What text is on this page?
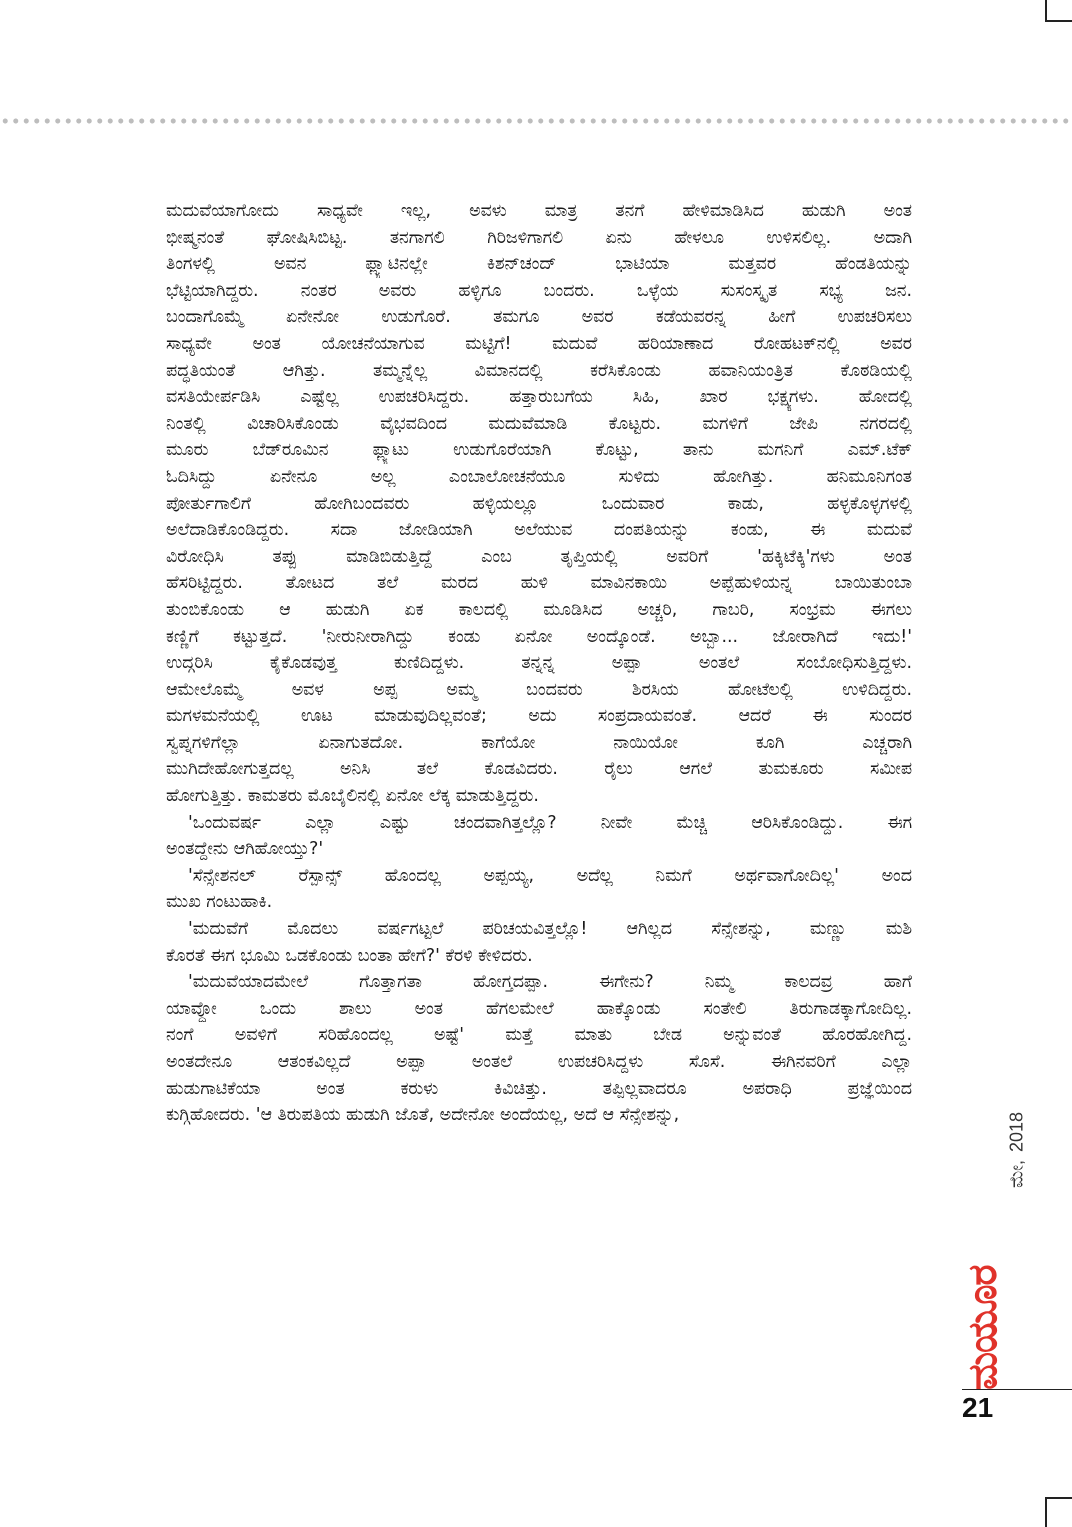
ಮದುವೆಯಾಗೋದು ಸಾಧ್ಯವೇ ಇಲ್ಲ, ಅವಳು ಮಾತ್ರ ತನಗೆ ಹೇಳಿಮಾಡಿಸಿದ ಹುಡುಗಿ ಅಂತ
ಭೀಷ್ಮನಂತೆ ಘೋಷಿಸಿಬಿಟ್ಟ. ತನಗಾಗಲಿ ಗಿರಿಜಳಿಗಾಗಲಿ ಏನು ಹೇಳಲೂ ಉಳಿಸಲಿಲ್ಲ. ಅದಾಗಿ
ತಿಂಗಳಲ್ಲಿ ಅವನ ಫ್ಲ್ಯಾಟಿನಲ್ಲೇ ಕಿಶನ್‌ಚಂದ್ ಭಾಟಿಯಾ ಮತ್ತವರ ಹೆಂಡತಿಯನ್ನು
ಭೆಟ್ಟಿಯಾಗಿದ್ದರು. ನಂತರ ಅವರು ಹಳ್ಳಿಗೂ ಬಂದರು. ಒಳ್ಳೆಯ ಸುಸಂಸ್ಕೃತ ಸಭ್ಯ ಜನ.
ಬಂದಾಗೊಮ್ಮೆ ಏನೇನೋ ಉಡುಗೊರೆ. ತಮಗೂ ಅವರ ಕಡೆಯವರನ್ನ ಹೀಗೆ ಉಪಚರಿಸಲು
ಸಾಧ್ಯವೇ ಅಂತ ಯೋಚನೆಯಾಗುವ ಮಟ್ಟಿಗೆ! ಮದುವೆ ಹರಿಯಾಣಾದ ರೋಹಟಕ್‌ನಲ್ಲಿ ಅವರ
ಪದ್ಧತಿಯಂತೆ ಆಗಿತ್ತು. ತಮ್ಮನ್ನೆಲ್ಲ ವಿಮಾನದಲ್ಲಿ ಕರೆಸಿಕೊಂಡು ಹವಾನಿಯಂತ್ರಿತ ಕೊಠಡಿಯಲ್ಲಿ
ವಸತಿಯೇರ್ಪಡಿಸಿ ಎಷ್ಟೆಲ್ಲ ಉಪಚರಿಸಿದ್ದರು. ಹತ್ತಾರುಬಗೆಯ ಸಿಹಿ, ಖಾರ ಭಕ್ಷ್ಯಗಳು. ಹೋದಲ್ಲಿ
ನಿಂತಲ್ಲಿ ವಿಚಾರಿಸಿಕೊಂಡು ವೈಭವದಿಂದ ಮದುವೆಮಾಡಿ ಕೊಟ್ಟರು. ಮಗಳಿಗೆ ಜೇಪಿ ನಗರದಲ್ಲಿ
ಮೂರು ಬೆಡ್‌ರೂಮಿನ ಫ್ಲ್ಯಾಟು ಉಡುಗೊರೆಯಾಗಿ ಕೊಟ್ಟು, ತಾನು ಮಗನಿಗೆ ಎಮ್.ಟೆಕ್
ಓದಿಸಿದ್ದು ಏನೇನೂ ಅಲ್ಲ ಎಂಬಾಲೋಚನೆಯೂ ಸುಳಿದು ಹೋಗಿತ್ತು. ಹನಿಮೂನಿಗಂತ
ಪೋರ್ತುಗಾಲಿಗೆ ಹೋಗಿಬಂದವರು ಹಳ್ಳಿಯಲ್ಲೂ ಒಂದುವಾರ ಕಾಡು, ಹಳ್ಳಕೊಳ್ಳಗಳಲ್ಲಿ
ಅಲೆದಾಡಿಕೊಂಡಿದ್ದರು. ಸದಾ ಜೋಡಿಯಾಗಿ ಅಲೆಯುವ ದಂಪತಿಯನ್ನು ಕಂಡು, ಈ ಮದುವೆ
ವಿರೋಧಿಸಿ ತಪ್ಪು ಮಾಡಿಬಿಡುತ್ತಿದ್ದೆ ಎಂಬ ತೃಪ್ತಿಯಲ್ಲಿ ಅವರಿಗೆ 'ಹಕ್ಕಿಟೆಕ್ಕಿ'ಗಳು ಅಂತ
ಹೆಸರಿಟ್ಟಿದ್ದರು. ತೋಟದ ತಲೆ ಮರದ ಹುಳಿ ಮಾವಿನಕಾಯಿ ಅಪ್ಪೆಹುಳಿಯನ್ನ ಬಾಯಿತುಂಬಾ
ತುಂಬಿಕೊಂಡು ಆ ಹುಡುಗಿ ಏಕ ಕಾಲದಲ್ಲಿ ಮೂಡಿಸಿದ ಅಚ್ಚರಿ, ಗಾಬರಿ, ಸಂಭ್ರಮ ಈಗಲು
ಕಣ್ಣಿಗೆ ಕಟ್ಟುತ್ತದೆ. 'ನೀರುನೀರಾಗಿದ್ದು ಕಂಡು ಏನೋ ಅಂದ್ಕೊಂಡೆ. ಅಬ್ಬಾ... ಜೋರಾಗಿದೆ ಇದು!'
ಉದ್ಗರಿಸಿ ಕೈಕೊಡವುತ್ತ ಕುಣಿದಿದ್ದಳು. ತನ್ನನ್ನ ಅಪ್ಪಾ ಅಂತಲೆ ಸಂಬೋಧಿಸುತ್ತಿದ್ದಳು.
ಆಮೇಲೊಮ್ಮೆ ಅವಳ ಅಪ್ಪ ಅಮ್ಮ ಬಂದವರು ಶಿರಸಿಯ ಹೋಟೆಲಲ್ಲಿ ಉಳಿದಿದ್ದರು.
ಮಗಳಮನೆಯಲ್ಲಿ ಊಟ ಮಾಡುವುದಿಲ್ಲವಂತೆ; ಅದು ಸಂಪ್ರದಾಯವಂತೆ. ಆದರೆ ಈ ಸುಂದರ
ಸ್ವಪ್ನಗಳಿಗೆಲ್ಲಾ ಏನಾಗುತದೋ. ಕಾಗೆಯೋ ನಾಯಿಯೋ ಕೂಗಿ ಎಚ್ಚರಾಗಿ
ಮುಗಿದೇಹೋಗುತ್ತದಲ್ಲ ಅನಿಸಿ ತಲೆ ಕೊಡವಿದರು. ರೈಲು ಆಗಲೆ ತುಮಕೂರು ಸಮೀಪ
ಹೋಗುತ್ತಿತ್ತು. ಕಾಮತರು ಮೊಬೈಲಿನಲ್ಲಿ ಏನೋ ಲೆಕ್ಕ ಮಾಡುತ್ತಿದ್ದರು.
'ಒಂದುವರ್ಷ ಎಲ್ಲಾ ಎಷ್ಟು ಚಂದವಾಗಿತ್ತಲ್ಲೊ? ನೀವೇ ಮೆಚ್ಚಿ ಆರಿಸಿಕೊಂಡಿದ್ದು. ಈಗ
ಅಂತದ್ದೇನು ಆಗಿಹೋಯ್ತು?'
'ಸೆನ್ಸೇಶನಲ್ ರೆಸ್ಪಾನ್ಸ್ ಹೊಂದಲ್ಲ ಅಪ್ಪಯ್ಯ, ಅದೆಲ್ಲ ನಿಮಗೆ ಅರ್ಥವಾಗೋದಿಲ್ಲ' ಅಂದ
ಮುಖ ಗಂಟುಹಾಕಿ.
'ಮದುವೆಗೆ ಮೊದಲು ವರ್ಷಗಟ್ಟಲೆ ಪರಿಚಯವಿತ್ತಲ್ಲೊ! ಆಗಿಲ್ಲದ ಸೆನ್ಸೇಶನ್ನು, ಮಣ್ಣು ಮಶಿ
ಕೊರತೆ ಈಗ ಭೂಮಿ ಒಡಕೊಂಡು ಬಂತಾ ಹೇಗೆ?' ಕೆರಳಿ ಕೇಳಿದರು.
'ಮದುವೆಯಾದಮೇಲೆ ಗೊತ್ತಾಗತಾ ಹೋಗ್ತದಪ್ಪಾ. ಈಗೇನು? ನಿಮ್ಮ ಕಾಲದವ್ರ ಹಾಗೆ
ಯಾವ್ದೋ ಒಂದು ಶಾಲು ಅಂತ ಹೆಗಲಮೇಲೆ ಹಾಕ್ಕೊಂಡು ಸಂತೇಲಿ ತಿರುಗಾಡಕ್ಕಾಗೋದಿಲ್ಲ.
ನಂಗೆ ಅವಳಿಗೆ ಸರಿಹೊಂದಲ್ಲ ಅಷ್ಟೆ' ಮತ್ತೆ ಮಾತು ಬೇಡ ಅನ್ನುವಂತೆ ಹೊರಹೋಗಿದ್ದ.
ಅಂತದೇನೂ ಆತಂಕವಿಲ್ಲದೆ ಅಪ್ಪಾ ಅಂತಲೆ ಉಪಚರಿಸಿದ್ದಳು ಸೊಸೆ. ಈಗಿನವರಿಗೆ ಎಲ್ಲಾ
ಹುಡುಗಾಟಿಕೆಯಾ ಅಂತ ಕರುಳು ಕಿವಿಚಿತ್ತು. ತಪ್ಪಿಲ್ಲವಾದರೂ ಅಪರಾಧಿ ಪ್ರಜ್ಞೆಯಿಂದ
ಕುಗ್ಗಿಹೋದರು. 'ಆ ತಿರುಪತಿಯ ಹುಡುಗಿ ಜೊತೆ, ಅದೇನೋ ಅಂದೆಯಲ್ಲ, ಅದೆ ಆ ಸೆನ್ಸೇಶನ್ನು,
ಮೇ,
2018
ಮಯೂರ
21
